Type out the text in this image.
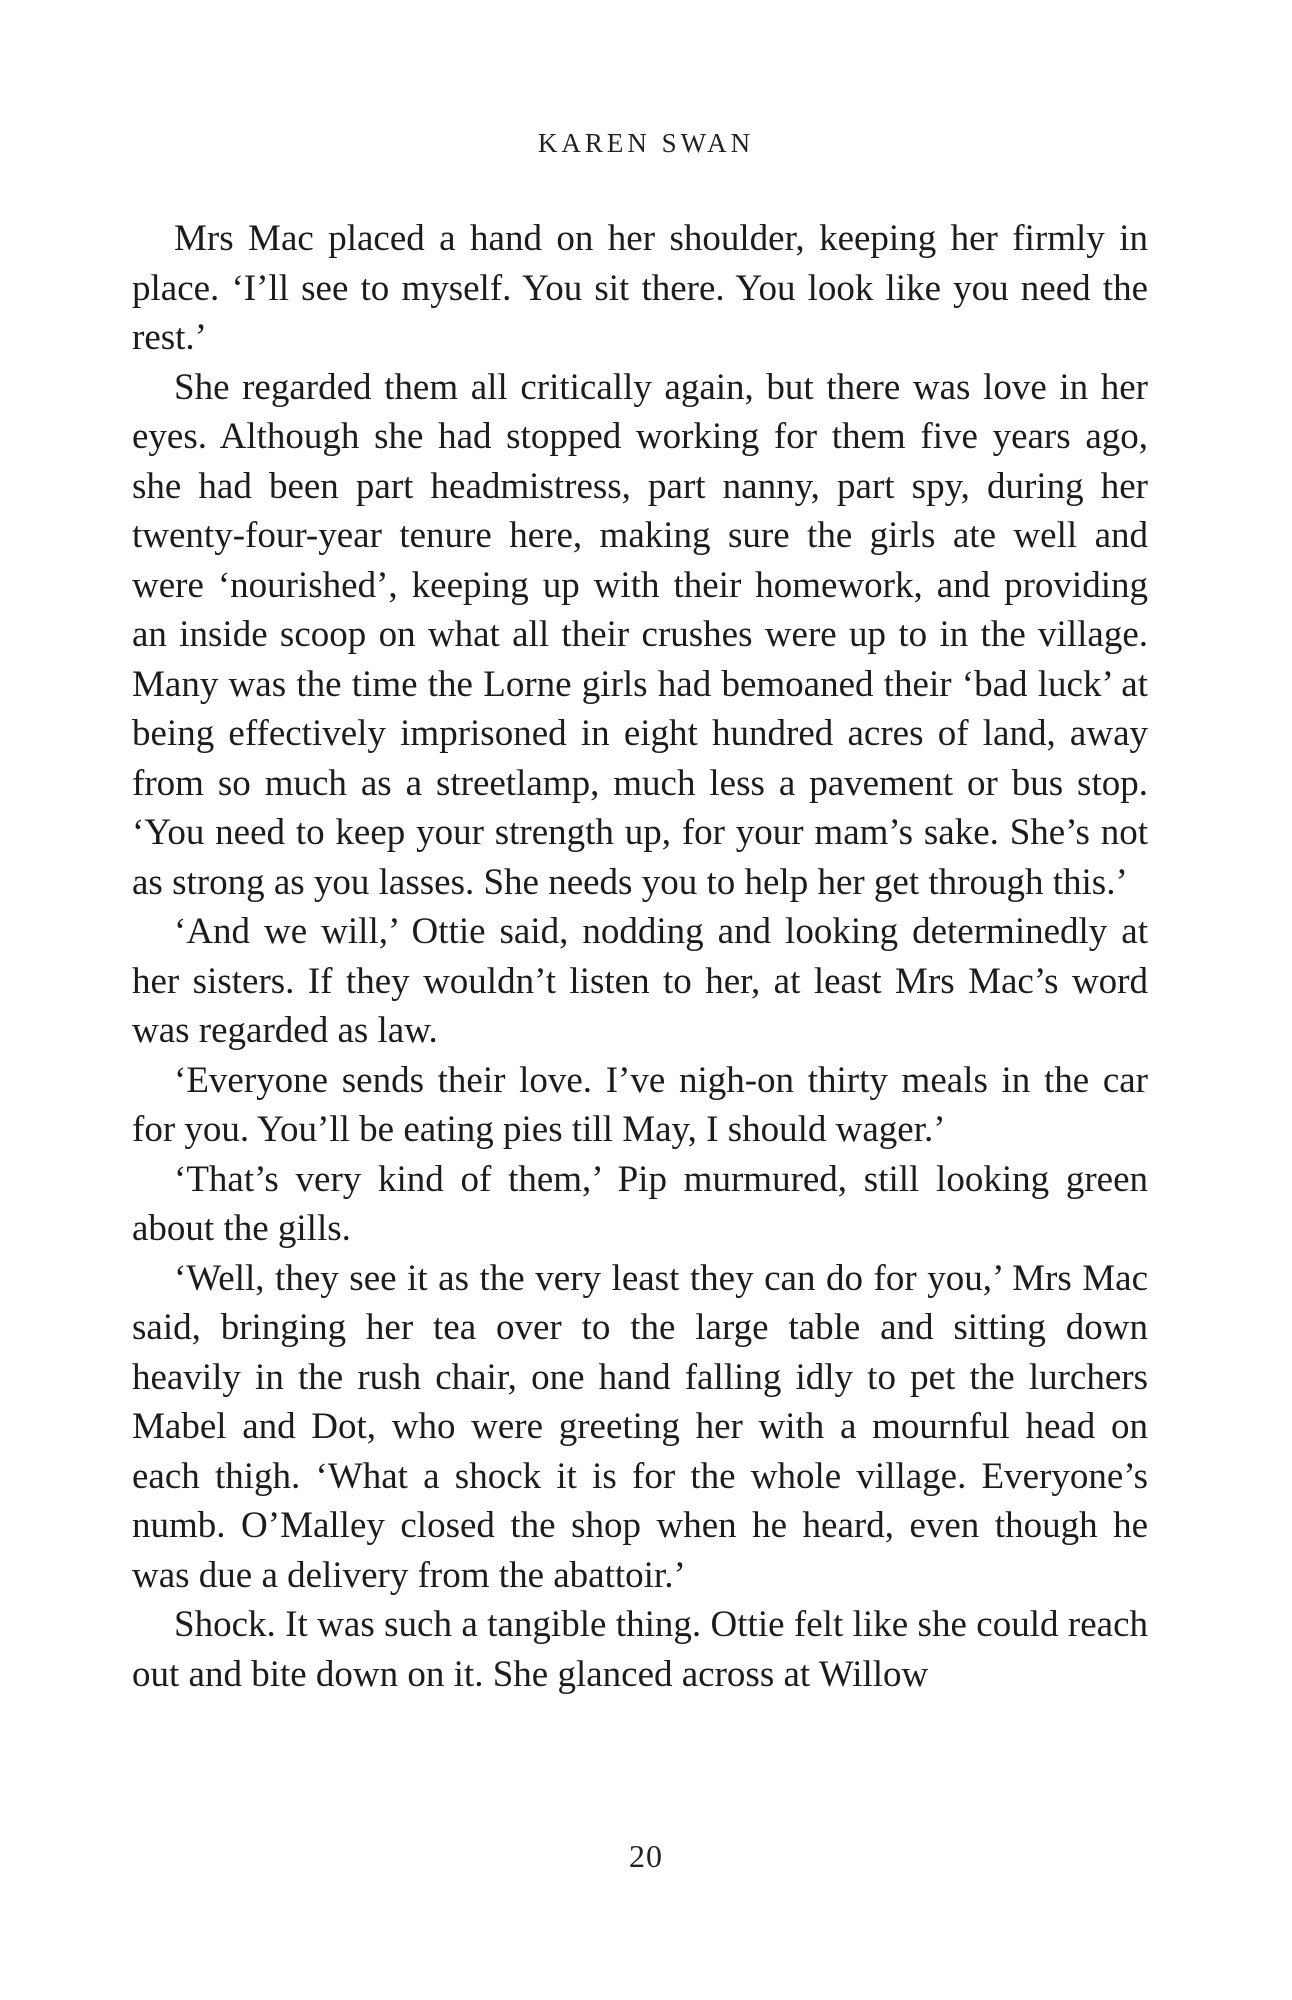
KAREN SWAN

Mrs Mac placed a hand on her shoulder, keeping her firmly in place. ‘I’ll see to myself. You sit there. You look like you need the rest.’

She regarded them all critically again, but there was love in her eyes. Although she had stopped working for them five years ago, she had been part headmistress, part nanny, part spy, during her twenty-four-year tenure here, making sure the girls ate well and were ‘nourished’, keeping up with their homework, and providing an inside scoop on what all their crushes were up to in the village. Many was the time the Lorne girls had bemoaned their ‘bad luck’ at being effectively imprisoned in eight hundred acres of land, away from so much as a streetlamp, much less a pavement or bus stop. ‘You need to keep your strength up, for your mam’s sake. She’s not as strong as you lasses. She needs you to help her get through this.’

‘And we will,’ Ottie said, nodding and looking determinedly at her sisters. If they wouldn’t listen to her, at least Mrs Mac’s word was regarded as law.

‘Everyone sends their love. I’ve nigh-on thirty meals in the car for you. You’ll be eating pies till May, I should wager.’

‘That’s very kind of them,’ Pip murmured, still looking green about the gills.

‘Well, they see it as the very least they can do for you,’ Mrs Mac said, bringing her tea over to the large table and sitting down heavily in the rush chair, one hand falling idly to pet the lurchers Mabel and Dot, who were greeting her with a mournful head on each thigh. ‘What a shock it is for the whole village. Everyone’s numb. O’Malley closed the shop when he heard, even though he was due a delivery from the abattoir.’

Shock. It was such a tangible thing. Ottie felt like she could reach out and bite down on it. She glanced across at Willow

20
